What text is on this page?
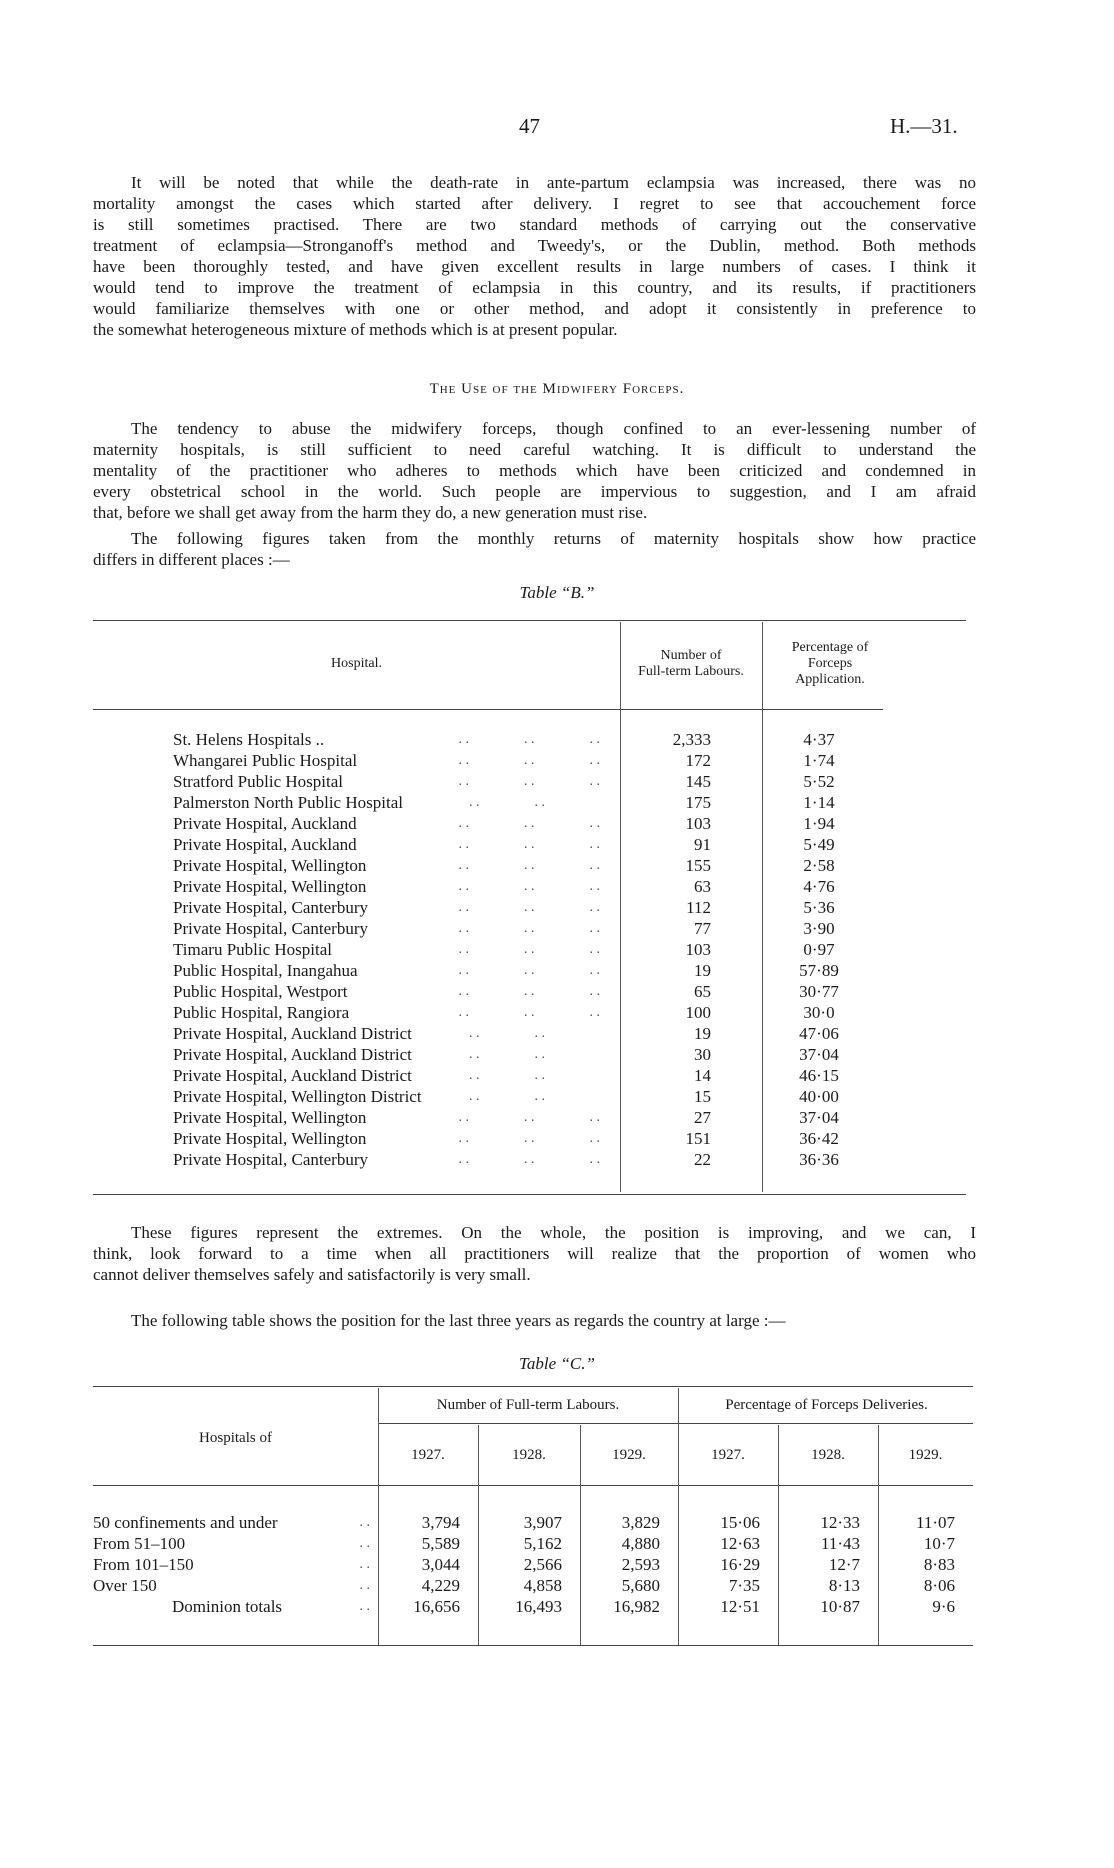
47	H.—31.
It will be noted that while the death-rate in ante-partum eclampsia was increased, there was no
mortality amongst the cases which started after delivery. I regret to see that accouchement force
is still sometimes practised. There are two standard methods of carrying out the conservative
treatment of eclampsia—Stronganoff's method and Tweedy's, or the Dublin, method. Both methods
have been thoroughly tested, and have given excellent results in large numbers of cases. I think it
would tend to improve the treatment of eclampsia in this country, and its results, if practitioners
would familiarize themselves with one or other method, and adopt it consistently in preference to
the somewhat heterogeneous mixture of methods which is at present popular.
The Use of the Midwifery Forceps.
The tendency to abuse the midwifery forceps, though confined to an ever-lessening number of
maternity hospitals, is still sufficient to need careful watching. It is difficult to understand the
mentality of the practitioner who adheres to methods which have been criticized and condemned in
every obstetrical school in the world. Such people are impervious to suggestion, and I am afraid
that, before we shall get away from the harm they do, a new generation must rise.
The following figures taken from the monthly returns of maternity hospitals show how practice
differs in different places :—
Table “B.”
Hospital.
Number of
Full-term Labours.
Percentage of
Forceps
Application.
St. Helens Hospitals ..	. .	. .	. .	2,333	4·37
Whangarei Public Hospital	. .	. .	. .	172	1·74
Stratford Public Hospital	. .	. .	. .	145	5·52
Palmerston North Public Hospital	. .	. .	175	1·14
Private Hospital, Auckland	. .	. .	. .	103	1·94
Private Hospital, Auckland	. .	. .	. .	91	5·49
Private Hospital, Wellington	. .	. .	. .	155	2·58
Private Hospital, Wellington	. .	. .	. .	63	4·76
Private Hospital, Canterbury	. .	. .	. .	112	5·36
Private Hospital, Canterbury	. .	. .	. .	77	3·90
Timaru Public Hospital	. .	. .	. .	103	0·97
Public Hospital, Inangahua	. .	. .	. .	19	57·89
Public Hospital, Westport	. .	. .	. .	65	30·77
Public Hospital, Rangiora	. .	. .	. .	100	30·0
Private Hospital, Auckland District	. .	. .	19	47·06
Private Hospital, Auckland District	. .	. .	30	37·04
Private Hospital, Auckland District	. .	. .	14	46·15
Private Hospital, Wellington District	. .	. .	15	40·00
Private Hospital, Wellington	. .	. .	. .	27	37·04
Private Hospital, Wellington	. .	. .	. .	151	36·42
Private Hospital, Canterbury	. .	. .	. .	22	36·36
These figures represent the extremes. On the whole, the position is improving, and we can, I
think, look forward to a time when all practitioners will realize that the proportion of women who
cannot deliver themselves safely and satisfactorily is very small.
The following table shows the position for the last three years as regards the country at large :—
Table “C.”
Hospitals of
Number of Full-term Labours.	Percentage of Forceps Deliveries.
1927.	1928.	1929.	1927.	1928.	1929.
50 confinements and under	. .	3,794	3,907	3,829	15·06	12·33	11·07
From 51–100	. .	5,589	5,162	4,880	12·63	11·43	10·7
From 101–150	. .	3,044	2,566	2,593	16·29	12·7	8·83
Over 150	. .	4,229	4,858	5,680	7·35	8·13	8·06
Dominion totals	. .	16,656	16,493	16,982	12·51	10·87	9·6
